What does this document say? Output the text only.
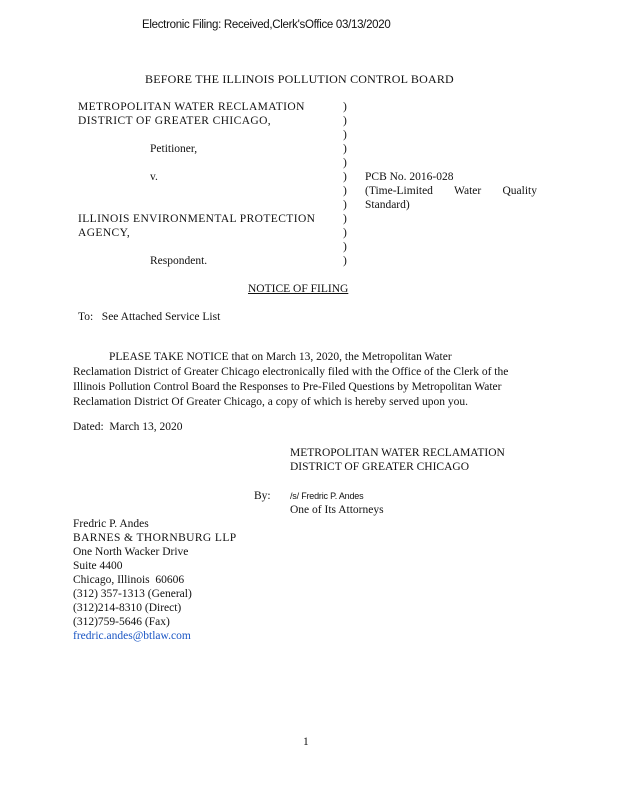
Electronic Filing: Received,Clerk'sOffice 03/13/2020
BEFORE THE ILLINOIS POLLUTION CONTROL BOARD
METROPOLITAN WATER RECLAMATION
DISTRICT OF GREATER CHICAGO,
Petitioner,
v.
ILLINOIS ENVIRONMENTAL PROTECTION
AGENCY,
Respondent.
)
)
)
)
)
)
)
)
)
)
)
)
PCB No. 2016-028
(Time-Limited Water Quality
Standard)
NOTICE OF FILING
To:   See Attached Service List

PLEASE TAKE NOTICE that on March 13, 2020, the Metropolitan Water

Reclamation District of Greater Chicago electronically filed with the Office of the Clerk of the

Illinois Pollution Control Board the Responses to Pre-Filed Questions by Metropolitan Water

Reclamation District Of Greater Chicago, a copy of which is hereby served upon you.

Dated:  March 13, 2020
METROPOLITAN WATER RECLAMATION
DISTRICT OF GREATER CHICAGO
By: /s/ Fredric P. Andes
One of Its Attorneys
Fredric P. Andes
BARNES & THORNBURG LLP
One North Wacker Drive
Suite 4400
Chicago, Illinois  60606
(312) 357-1313 (General)
(312)214-8310 (Direct)
(312)759-5646 (Fax)
fredric.andes@btlaw.com
1
